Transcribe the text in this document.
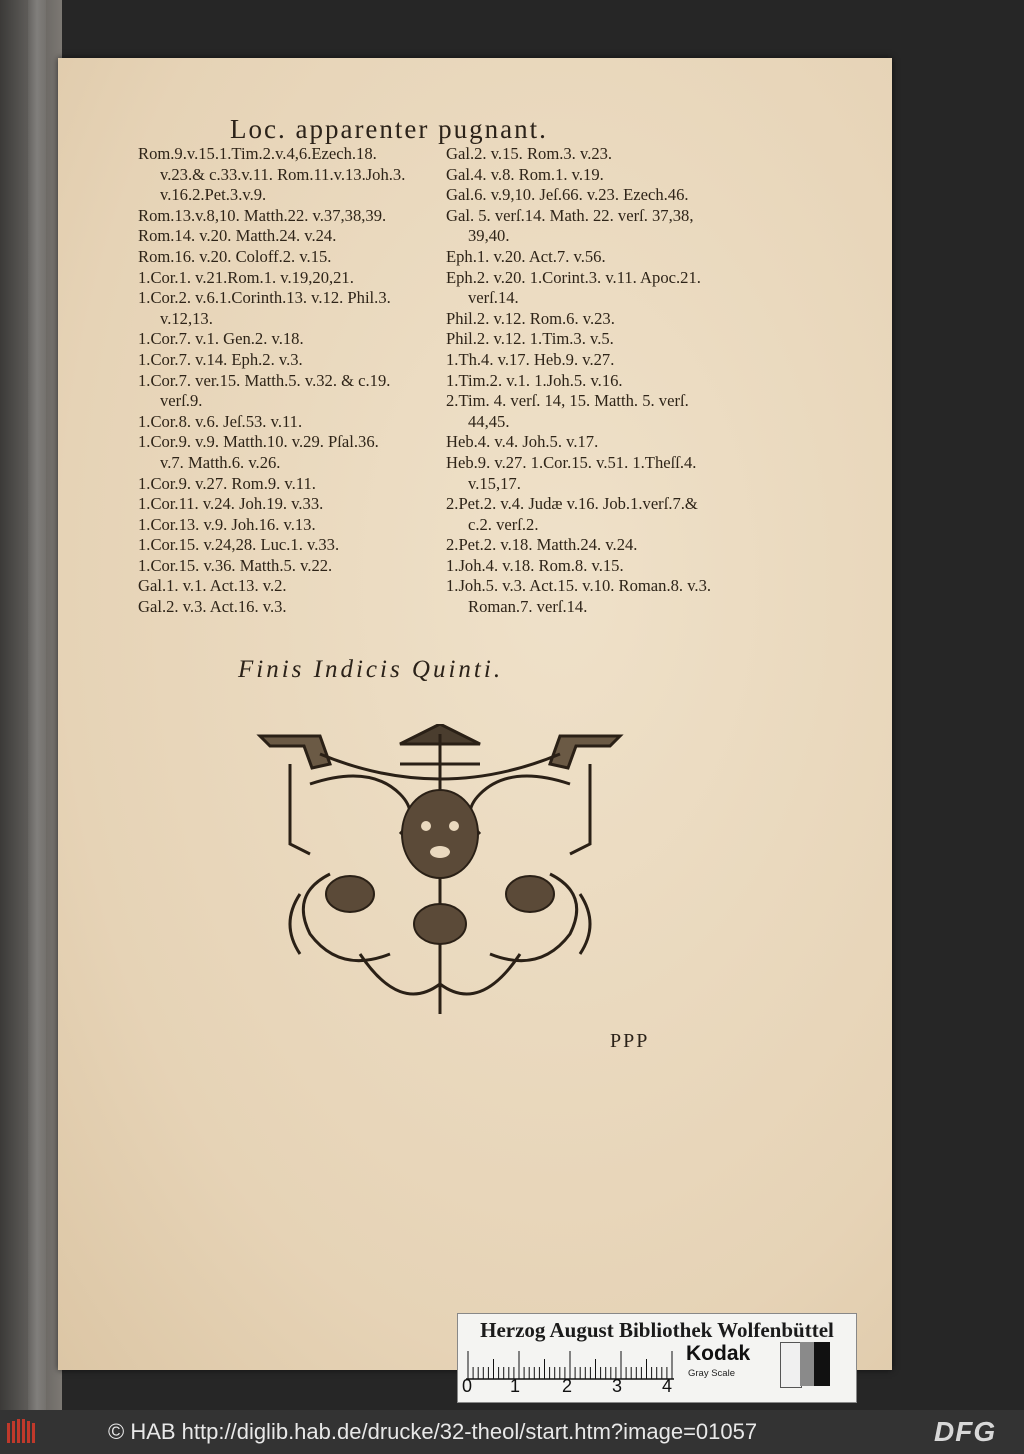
Loc. apparenter pugnant.
Rom.9.v.15.1.Tim.2.v.4,6.Ezech.18.
v.23.& c.33.v.11. Rom.11.v.13.Joh.3.
v.16.2.Pet.3.v.9.
Rom.13.v.8,10. Matth.22. v.37,38,39.
Rom.14. v.20. Matth.24. v.24.
Rom.16. v.20. Coloff.2. v.15.
1.Cor.1. v.21.Rom.1. v.19,20,21.
1.Cor.2. v.6.1.Corinth.13. v.12. Phil.3.
v.12,13.
1.Cor.7. v.1. Gen.2. v.18.
1.Cor.7. v.14. Eph.2. v.3.
1.Cor.7. ver.15. Matth.5. v.32. & c.19.
verſ.9.
1.Cor.8. v.6. Jeſ.53. v.11.
1.Cor.9. v.9. Matth.10. v.29. Pſal.36.
v.7. Matth.6. v.26.
1.Cor.9. v.27. Rom.9. v.11.
1.Cor.11. v.24. Joh.19. v.33.
1.Cor.13. v.9. Joh.16. v.13.
1.Cor.15. v.24,28. Luc.1. v.33.
1.Cor.15. v.36. Matth.5. v.22.
Gal.1. v.1. Act.13. v.2.
Gal.2. v.3. Act.16. v.3.
Gal.2. v.15. Rom.3. v.23.
Gal.4. v.8. Rom.1. v.19.
Gal.6. v.9,10. Jeſ.66. v.23. Ezech.46.
Gal. 5. verſ.14. Math. 22. verſ. 37,38,
39,40.
Eph.1. v.20. Act.7. v.56.
Eph.2. v.20. 1.Corint.3. v.11. Apoc.21.
verſ.14.
Phil.2. v.12. Rom.6. v.23.
Phil.2. v.12. 1.Tim.3. v.5.
1.Th.4. v.17. Heb.9. v.27.
1.Tim.2. v.1. 1.Joh.5. v.16.
2.Tim. 4. verſ. 14, 15. Matth. 5. verſ.
44,45.
Heb.4. v.4. Joh.5. v.17.
Heb.9. v.27. 1.Cor.15. v.51. 1.Theſſ.4.
v.15,17.
2.Pet.2. v.4. Judæ v.16. Job.1.verſ.7.&
c.2. verſ.2.
2.Pet.2. v.18. Matth.24. v.24.
1.Joh.4. v.18. Rom.8. v.15.
1.Joh.5. v.3. Act.15. v.10. Roman.8. v.3.
Roman.7. verſ.14.
Finis Indicis Quinti.
PPP
Herzog August Bibliothek Wolfenbüttel
0 1 2 3 4
Kodak
Gray Scale
© HAB http://diglib.hab.de/drucke/32-theol/start.htm?image=01057	DFG
